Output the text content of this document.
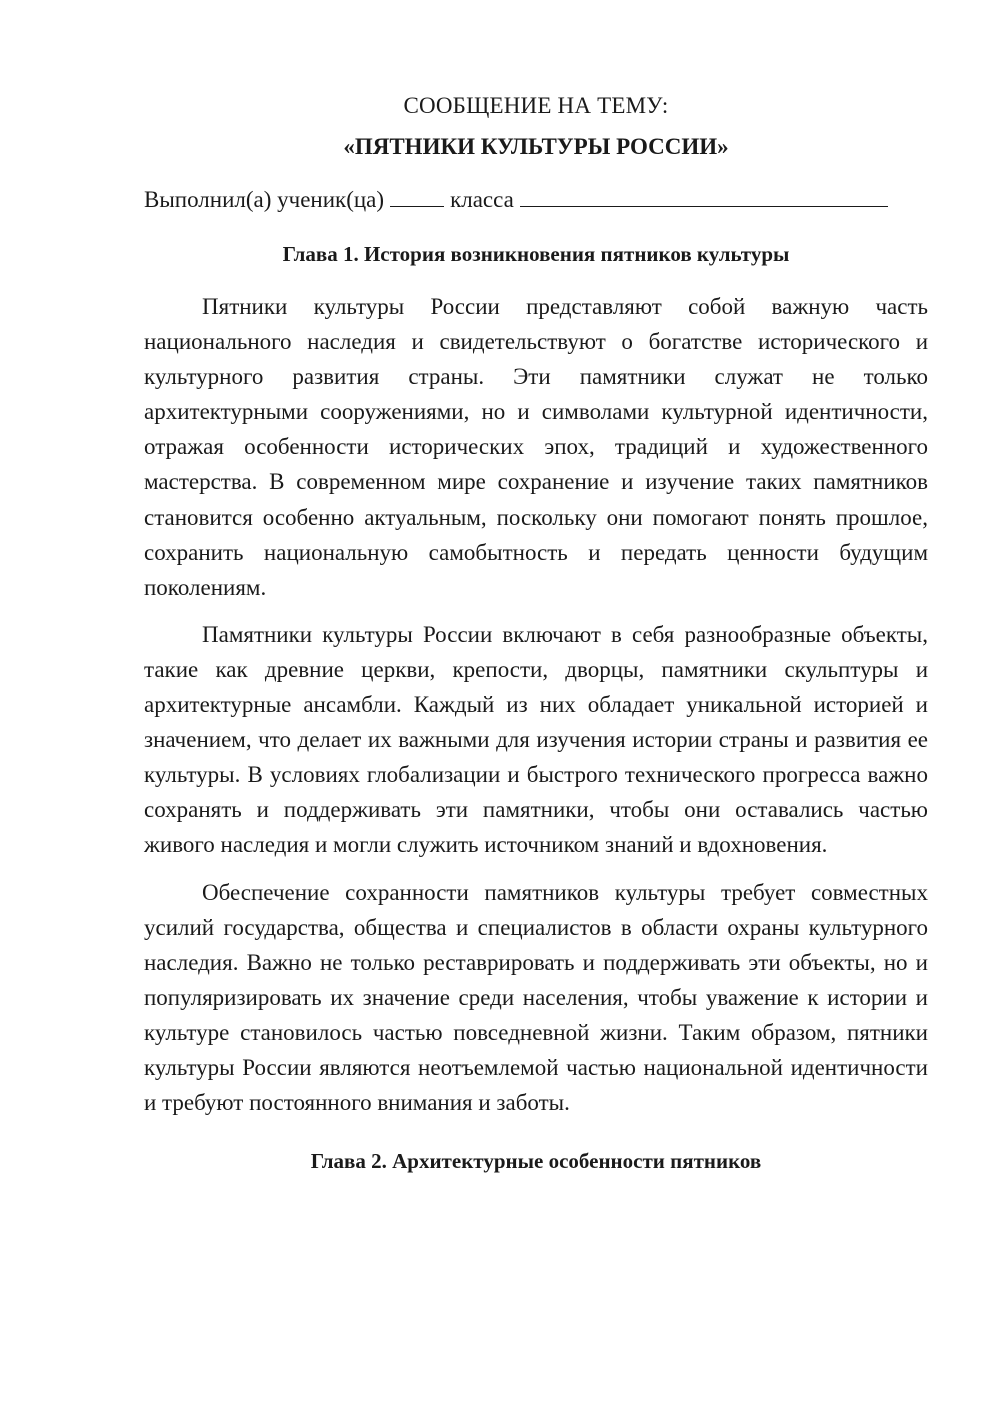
СООБЩЕНИЕ НА ТЕМУ:

«ПЯТНИКИ КУЛЬТУРЫ РОССИИ»

Выполнил(а) ученик(ца)	класса

Глава 1. История возникновения пятников культуры

Пятники культуры России представляют собой важную часть национального наследия и свидетельствуют о богатстве исторического и культурного развития страны. Эти памятники служат не только архитектурными сооружениями, но и символами культурной идентичности, отражая особенности исторических эпох, традиций и художественного мастерства. В современном мире сохранение и изучение таких памятников становится особенно актуальным, поскольку они помогают понять прошлое, сохранить национальную самобытность и передать ценности будущим поколениям.

Памятники культуры России включают в себя разнообразные объекты, такие как древние церкви, крепости, дворцы, памятники скульптуры и архитектурные ансамбли. Каждый из них обладает уникальной историей и значением, что делает их важными для изучения истории страны и развития ее культуры. В условиях глобализации и быстрого технического прогресса важно сохранять и поддерживать эти памятники, чтобы они оставались частью живого наследия и могли служить источником знаний и вдохновения.

Обеспечение сохранности памятников культуры требует совместных усилий государства, общества и специалистов в области охраны культурного наследия. Важно не только реставрировать и поддерживать эти объекты, но и популяризировать их значение среди населения, чтобы уважение к истории и культуре становилось частью повседневной жизни. Таким образом, пятники культуры России являются неотъемлемой частью национальной идентичности и требуют постоянного внимания и заботы.

Глава 2. Архитектурные особенности пятников
